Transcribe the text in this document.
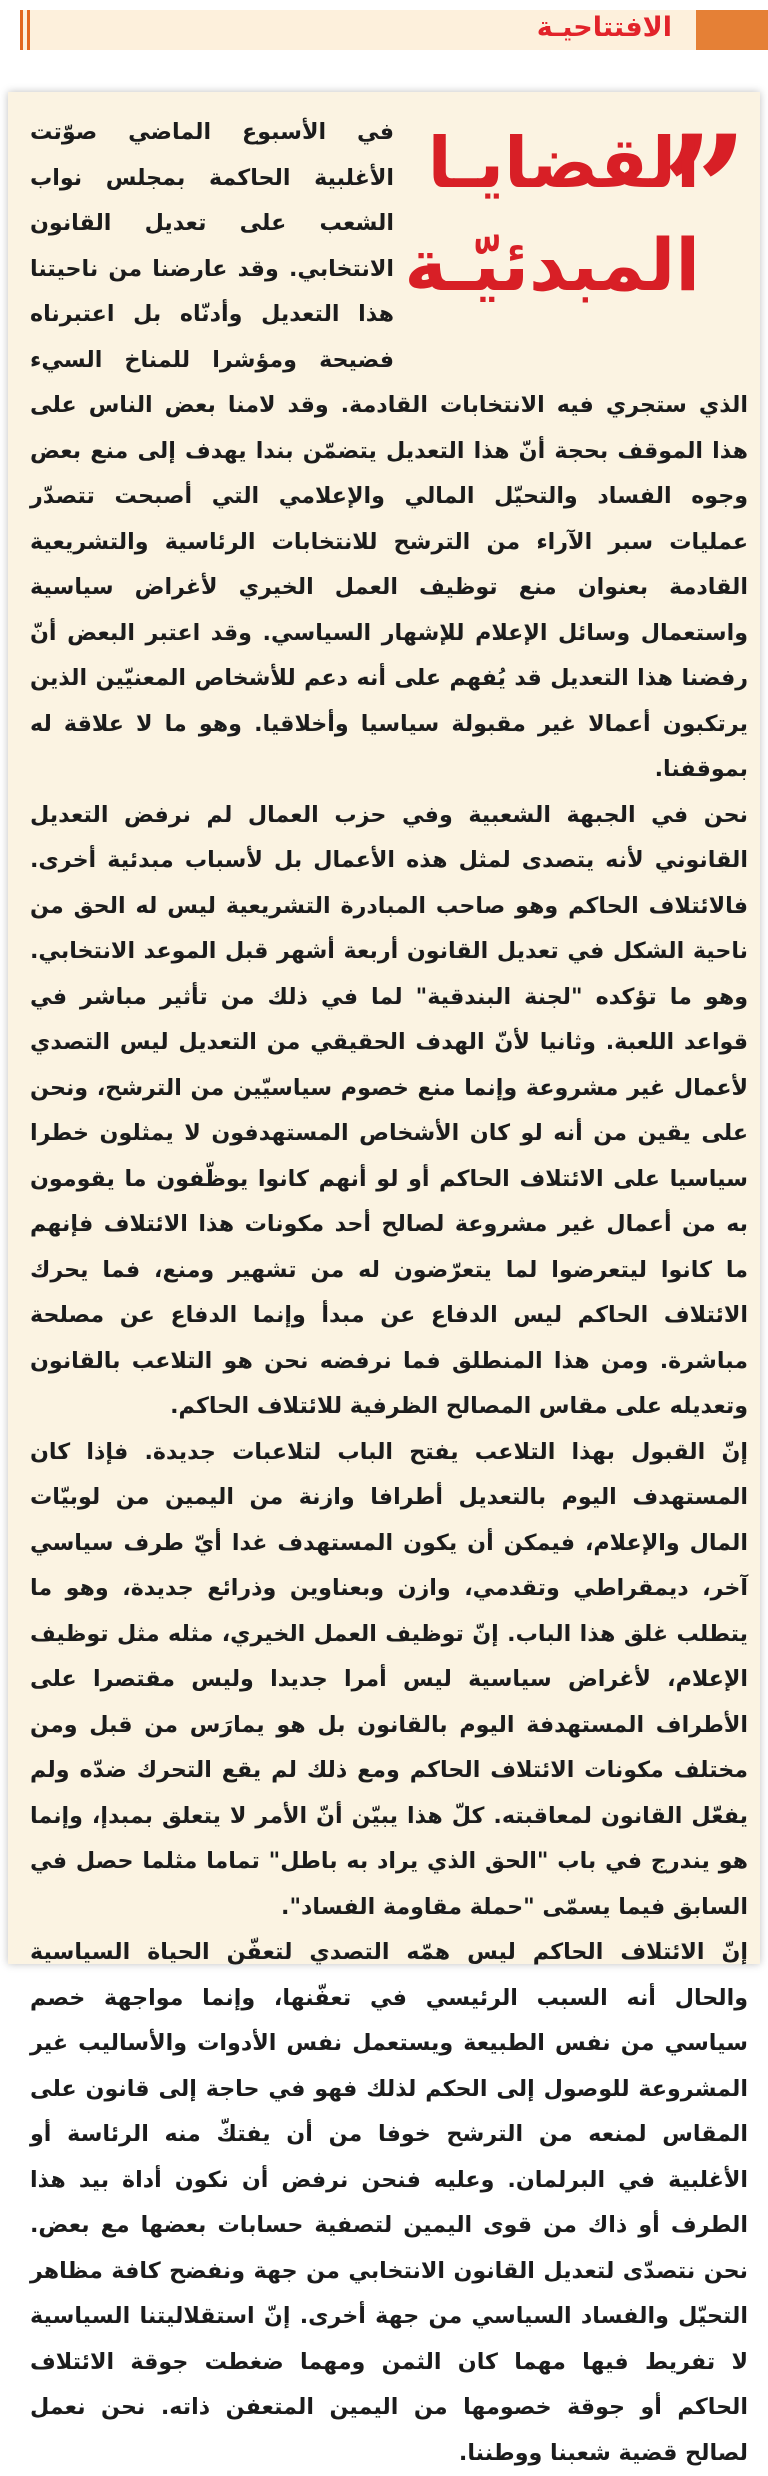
الافتتاحيـة
”
القضايـا
المبدئيّـة

في الأسبوع الماضي صوّتت الأغلبية الحاكمة بمجلس نواب الشعب على تعديل القانون الانتخابي. وقد عارضنا من ناحيتنا هذا التعديل وأدنّاه بل اعتبرناه فضيحة ومؤشرا للمناخ السيء الذي ستجري فيه الانتخابات القادمة. وقد لامنا بعض الناس على هذا الموقف بحجة أنّ هذا التعديل يتضمّن بندا يهدف إلى منع بعض وجوه الفساد والتحيّل المالي والإعلامي التي أصبحت تتصدّر عمليات سبر الآراء من الترشح للانتخابات الرئاسية والتشريعية القادمة بعنوان منع توظيف العمل الخيري لأغراض سياسية واستعمال وسائل الإعلام للإشهار السياسي. وقد اعتبر البعض أنّ رفضنا هذا التعديل قد يُفهم على أنه دعم للأشخاص المعنيّين الذين يرتكبون أعمالا غير مقبولة سياسيا وأخلاقيا. وهو ما لا علاقة له بموقفنا.

نحن في الجبهة الشعبية وفي حزب العمال لم نرفض التعديل القانوني لأنه يتصدى لمثل هذه الأعمال بل لأسباب مبدئية أخرى. فالائتلاف الحاكم وهو صاحب المبادرة التشريعية ليس له الحق من ناحية الشكل في تعديل القانون أربعة أشهر قبل الموعد الانتخابي. وهو ما تؤكده "لجنة البندقية" لما في ذلك من تأثير مباشر في قواعد اللعبة. وثانيا لأنّ الهدف الحقيقي من التعديل ليس التصدي لأعمال غير مشروعة وإنما منع خصوم سياسيّين من الترشح، ونحن على يقين من أنه لو كان الأشخاص المستهدفون لا يمثلون خطرا سياسيا على الائتلاف الحاكم أو لو أنهم كانوا يوظّفون ما يقومون به من أعمال غير مشروعة لصالح أحد مكونات هذا الائتلاف فإنهم ما كانوا ليتعرضوا لما يتعرّضون له من تشهير ومنع، فما يحرك الائتلاف الحاكم ليس الدفاع عن مبدأ وإنما الدفاع عن مصلحة مباشرة. ومن هذا المنطلق فما نرفضه نحن هو التلاعب بالقانون وتعديله على مقاس المصالح الظرفية للائتلاف الحاكم.

إنّ القبول بهذا التلاعب يفتح الباب لتلاعبات جديدة. فإذا كان المستهدف اليوم بالتعديل أطرافا وازنة من اليمين من لوبيّات المال والإعلام، فيمكن أن يكون المستهدف غدا أيّ طرف سياسي آخر، ديمقراطي وتقدمي، وازن وبعناوين وذرائع جديدة، وهو ما يتطلب غلق هذا الباب. إنّ توظيف العمل الخيري، مثله مثل توظيف الإعلام، لأغراض سياسية ليس أمرا جديدا وليس مقتصرا على الأطراف المستهدفة اليوم بالقانون بل هو يمارَس من قبل ومن مختلف مكونات الائتلاف الحاكم ومع ذلك لم يقع التحرك ضدّه ولم يفعّل القانون لمعاقبته. كلّ هذا يبيّن أنّ الأمر لا يتعلق بمبدإ، وإنما هو يندرج في باب "الحق الذي يراد به باطل" تماما مثلما حصل في السابق فيما يسمّى "حملة مقاومة الفساد".

إنّ الائتلاف الحاكم ليس همّه التصدي لتعفّن الحياة السياسية والحال أنه السبب الرئيسي في تعفّنها، وإنما مواجهة خصم سياسي من نفس الطبيعة ويستعمل نفس الأدوات والأساليب غير المشروعة للوصول إلى الحكم لذلك فهو في حاجة إلى قانون على المقاس لمنعه من الترشح خوفا من أن يفتكّ منه الرئاسة أو الأغلبية في البرلمان. وعليه فنحن نرفض أن نكون أداة بيد هذا الطرف أو ذاك من قوى اليمين لتصفية حسابات بعضها مع بعض. نحن نتصدّى لتعديل القانون الانتخابي من جهة ونفضح كافة مظاهر التحيّل والفساد السياسي من جهة أخرى. إنّ استقلاليتنا السياسية لا تفريط فيها مهما كان الثمن ومهما ضغطت جوقة الائتلاف الحاكم أو جوقة خصومها من اليمين المتعفن ذاته. نحن نعمل لصالح قضية شعبنا ووطننا.
